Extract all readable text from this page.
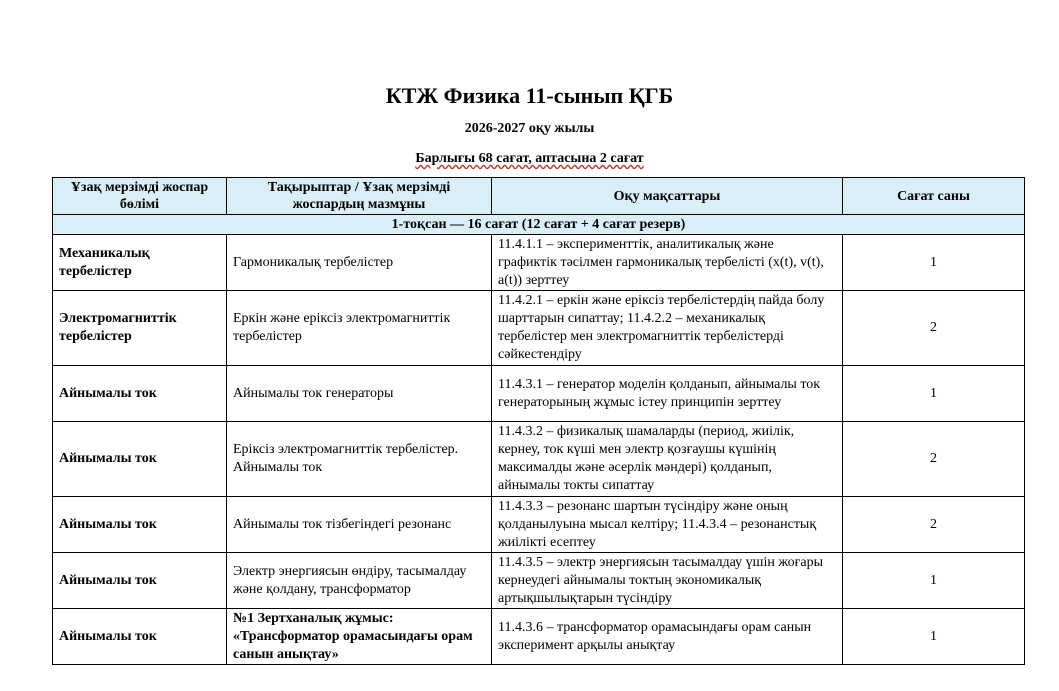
КТЖ Физика 11-сынып ҚГБ
2026-2027 оқу жылы
Барлығы 68 сағат, аптасына 2 сағат
Ұзақ мерзімді жоспар бөлімі	Тақырыптар / Ұзақ мерзімді жоспардың мазмұны	Оқу мақсаттары	Сағат саны
1-тоқсан — 16 сағат (12 сағат + 4 сағат резерв)			
Механикалық тербелістер	Гармоникалық тербелістер	11.4.1.1 – эксперименттік, аналитикалық және графиктік тәсілмен гармоникалық тербелісті (x(t), v(t), a(t)) зерттеу	1
Электромагниттік тербелістер	Еркін және еріксіз электромагниттік тербелістер	11.4.2.1 – еркін және еріксіз тербелістердің пайда болу шарттарын сипаттау; 11.4.2.2 – механикалық тербелістер мен электромагниттік тербелістерді сәйкестендіру	2
Айнымалы ток	Айнымалы ток генераторы	11.4.3.1 – генератор моделін қолданып, айнымалы ток генераторының жұмыс істеу принципін зерттеу	1
Айнымалы ток	Еріксіз электромагниттік тербелістер. Айнымалы ток	11.4.3.2 – физикалық шамаларды (период, жиілік, кернеу, ток күші мен электр қозғаушы күшінің максималды және әсерлік мәндері) қолданып, айнымалы токты сипаттау	2
Айнымалы ток	Айнымалы ток тізбегіндегі резонанс	11.4.3.3 – резонанс шартын түсіндіру және оның қолданылуына мысал келтіру; 11.4.3.4 – резонанстық жиілікті есептеу	2
Айнымалы ток	Электр энергиясын өндіру, тасымалдау және қолдану, трансформатор	11.4.3.5 – электр энергиясын тасымалдау үшін жоғары кернеудегі айнымалы токтың экономикалық артықшылықтарын түсіндіру	1
Айнымалы ток	№1 Зертханалық жұмыс: «Трансформатор орамасындағы орам санын анықтау»	11.4.3.6 – трансформатор орамасындағы орам санын эксперимент арқылы анықтау	1
